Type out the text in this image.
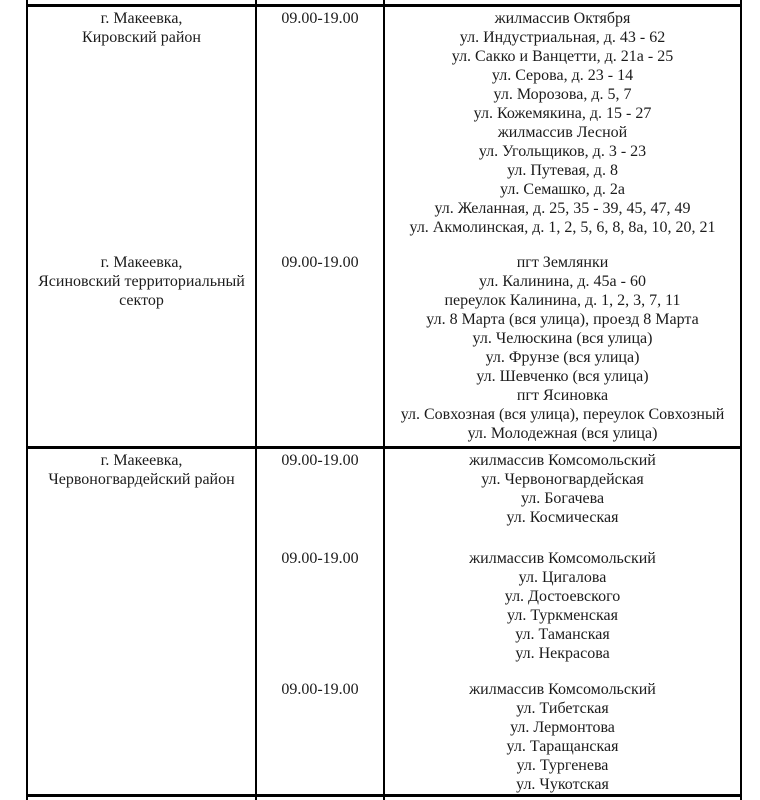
г. Макеевка,
Кировский район
09.00-19.00	жилмассив Октября
ул. Индустриальная, д. 43 - 62
ул. Сакко и Ванцетти, д. 21а - 25
ул. Серова, д. 23 - 14
ул. Морозова, д. 5, 7
ул. Кожемякина, д. 15 - 27
жилмассив Лесной
ул. Угольщиков, д. 3 - 23
ул. Путевая, д. 8
ул. Семашко, д. 2а
ул. Желанная, д. 25, 35 - 39, 45, 47, 49
ул. Акмолинская, д. 1, 2, 5, 6, 8, 8а, 10, 20, 21
г. Макеевка,
Ясиновский территориальный
сектор
09.00-19.00	пгт Землянки
ул. Калинина, д. 45а - 60
переулок Калинина, д. 1, 2, 3, 7, 11
ул. 8 Марта (вся улица), проезд 8 Марта
ул. Челюскина (вся улица)
ул. Фрунзе (вся улица)
ул. Шевченко (вся улица)
пгт Ясиновка
ул. Совхозная (вся улица), переулок Совхозный
ул. Молодежная (вся улица)
г. Макеевка,
Червоногвардейский район
09.00-19.00	жилмассив Комсомольский
ул. Червоногвардейская
ул. Богачева
ул. Космическая
09.00-19.00	жилмассив Комсомольский
ул. Цигалова
ул. Достоевского
ул. Туркменская
ул. Таманская
ул. Некрасова
09.00-19.00	жилмассив Комсомольский
ул. Тибетская
ул. Лермонтова
ул. Таращанская
ул. Тургенева
ул. Чукотская
